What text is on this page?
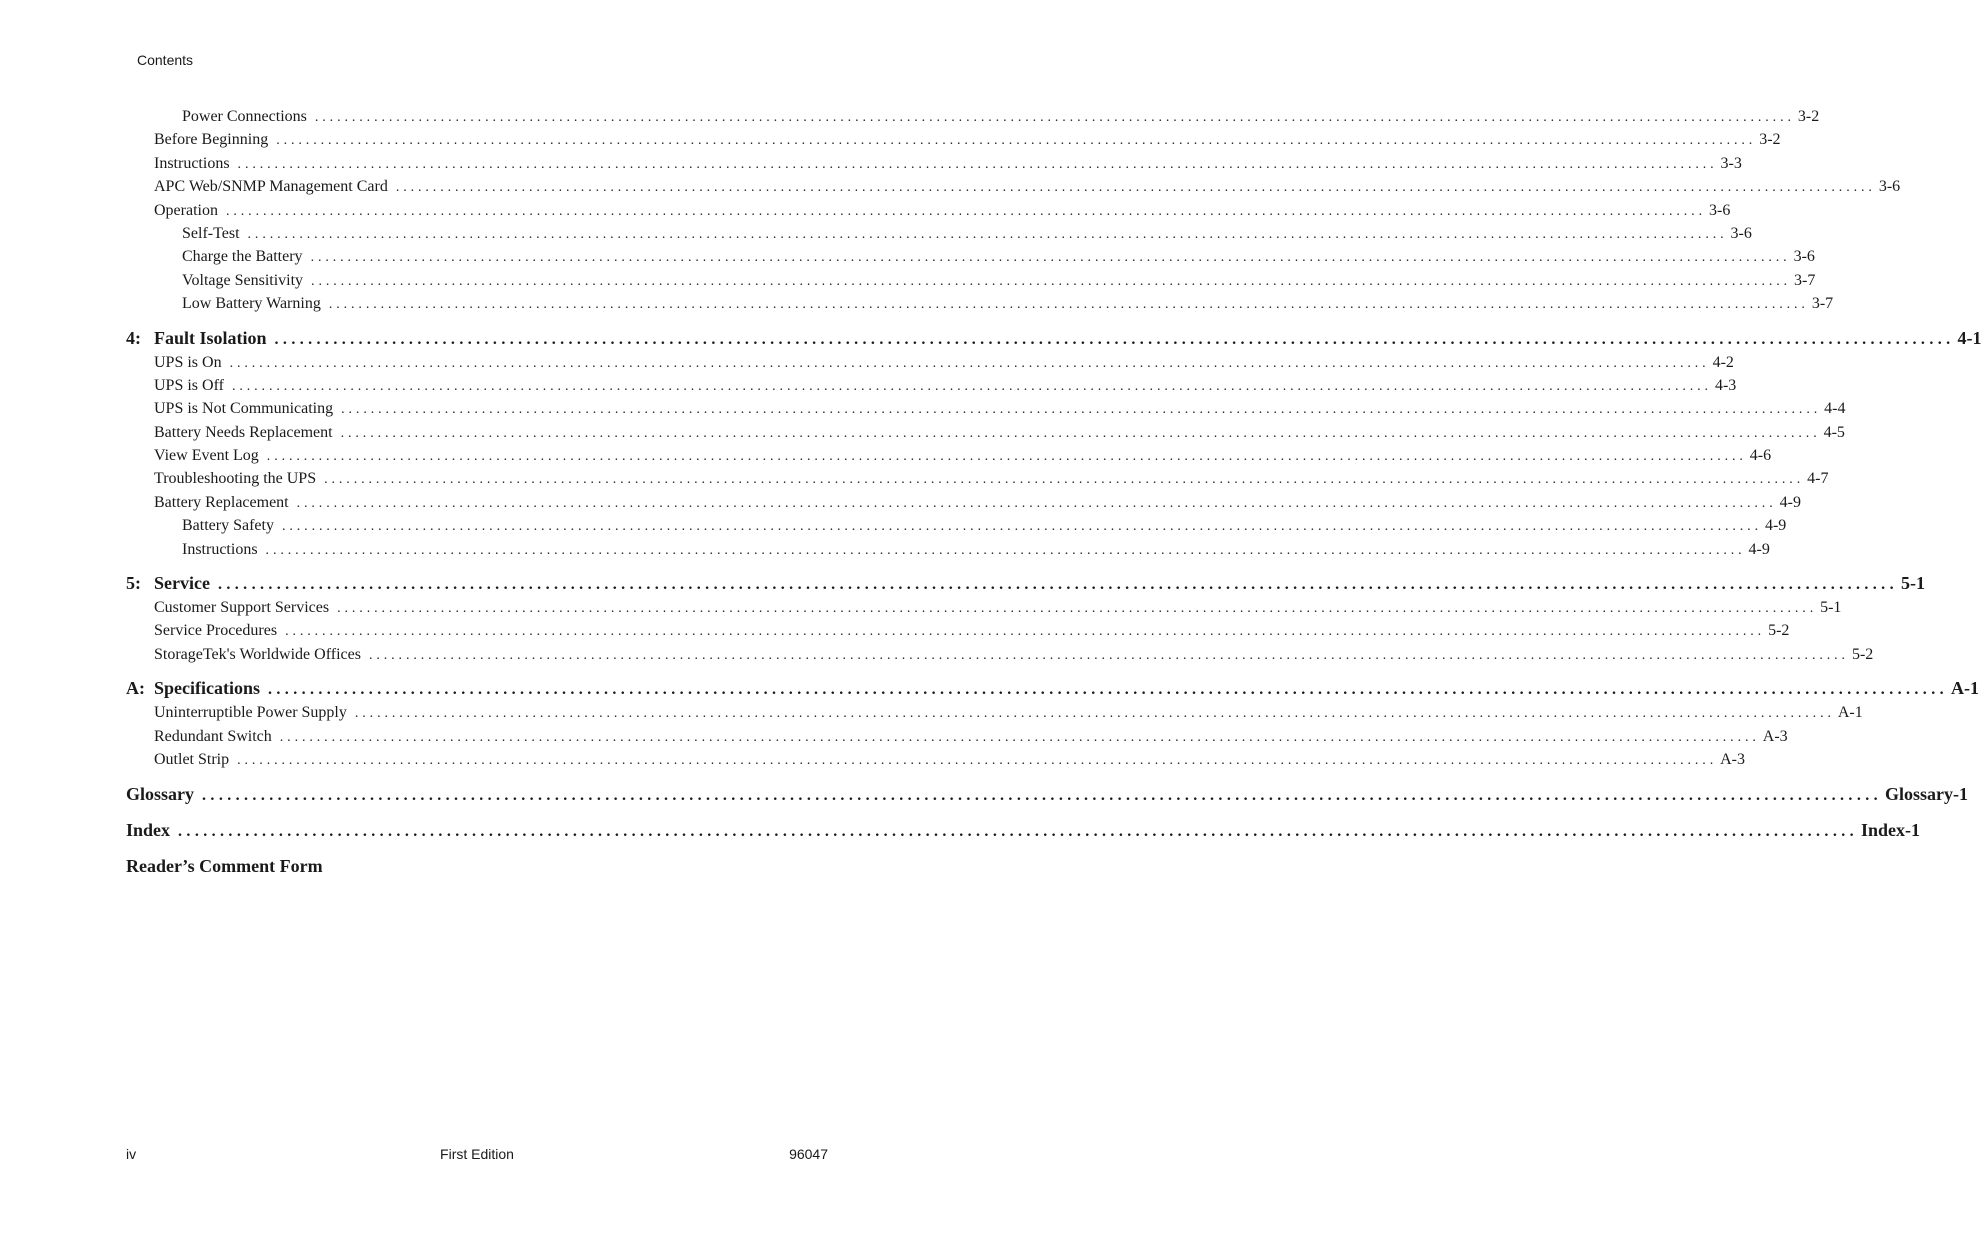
Contents
Power Connections ........................................................................................................................................................................................................ 3-2
Before Beginning ........................................................................................................................................................................................................ 3-2
Instructions ........................................................................................................................................................................................................ 3-3
APC Web/SNMP Management Card ........................................................................................................................................................................................................ 3-6
Operation ........................................................................................................................................................................................................ 3-6
Self-Test ........................................................................................................................................................................................................ 3-6
Charge the Battery ........................................................................................................................................................................................................ 3-6
Voltage Sensitivity ........................................................................................................................................................................................................ 3-7
Low Battery Warning ........................................................................................................................................................................................................ 3-7
4: Fault Isolation ........................................................................................................................................................................................................ 4-1
UPS is On ........................................................................................................................................................................................................ 4-2
UPS is Off ........................................................................................................................................................................................................ 4-3
UPS is Not Communicating ........................................................................................................................................................................................................ 4-4
Battery Needs Replacement ........................................................................................................................................................................................................ 4-5
View Event Log ........................................................................................................................................................................................................ 4-6
Troubleshooting the UPS ........................................................................................................................................................................................................ 4-7
Battery Replacement ........................................................................................................................................................................................................ 4-9
Battery Safety ........................................................................................................................................................................................................ 4-9
Instructions ........................................................................................................................................................................................................ 4-9
5: Service ........................................................................................................................................................................................................ 5-1
Customer Support Services ........................................................................................................................................................................................................ 5-1
Service Procedures ........................................................................................................................................................................................................ 5-2
StorageTek's Worldwide Offices ........................................................................................................................................................................................................ 5-2
A: Specifications ........................................................................................................................................................................................................ A-1
Uninterruptible Power Supply ........................................................................................................................................................................................................ A-1
Redundant Switch ........................................................................................................................................................................................................ A-3
Outlet Strip ........................................................................................................................................................................................................ A-3
Glossary ........................................................................................................................................................................................................ Glossary-1
Index ........................................................................................................................................................................................................ Index-1
Reader’s Comment Form
iv	First Edition	96047
